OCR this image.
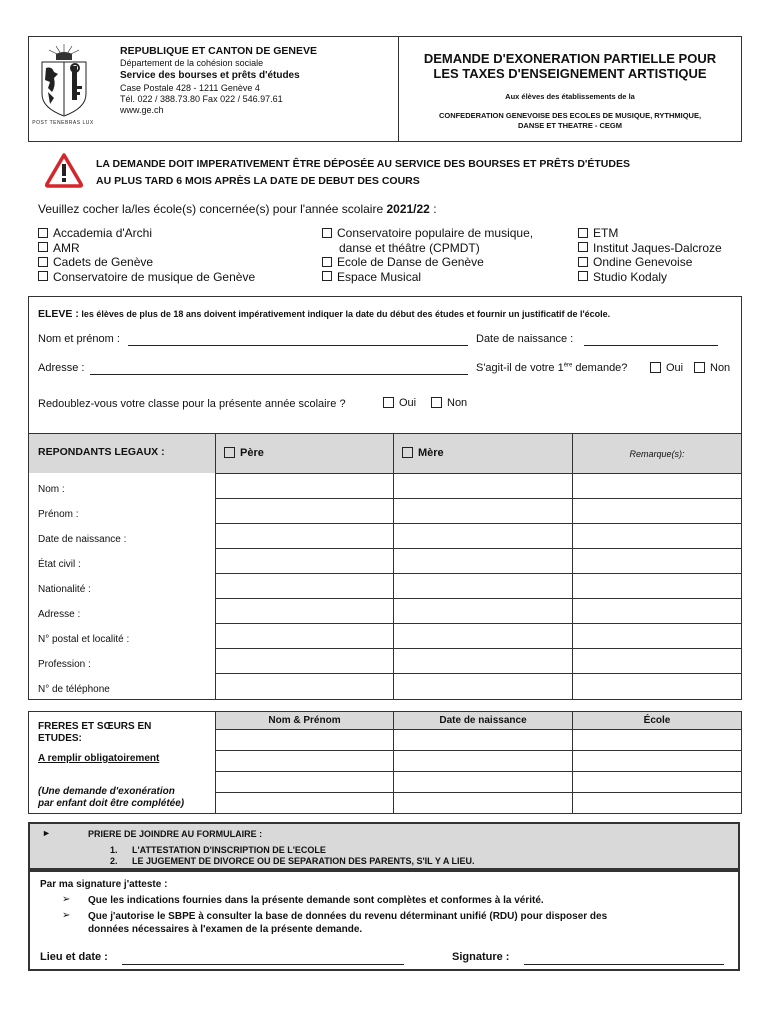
POST TENEBRAS LUX
REPUBLIQUE ET CANTON DE GENEVE
Département de la cohésion sociale
Service des bourses et prêts d'études
Case Postale 428 - 1211 Genève 4
Tél. 022 / 388.73.80 Fax 022 / 546.97.61
www.ge.ch
DEMANDE D'EXONERATION PARTIELLE POUR
LES TAXES D'ENSEIGNEMENT ARTISTIQUE
Aux élèves des établissements de la
CONFEDERATION GENEVOISE DES ECOLES DE MUSIQUE, RYTHMIQUE,
DANSE ET THEATRE - CEGM
LA DEMANDE DOIT IMPERATIVEMENT ÊTRE DÉPOSÉE AU SERVICE DES BOURSES ET PRÊTS D'ÉTUDES
AU PLUS TARD 6 MOIS APRÈS LA DATE DE DEBUT DES COURS
Veuillez cocher la/les école(s) concernée(s) pour l'année scolaire 2021/22 :
Accademia d'Archi
AMR
Cadets de Genève
Conservatoire de musique de Genève
Conservatoire populaire de musique,
danse et théâtre (CPMDT)
Ecole de Danse de Genève
Espace Musical
ETM
Institut Jaques-Dalcroze
Ondine Genevoise
Studio Kodaly
ELEVE : les élèves de plus de 18 ans doivent impérativement indiquer la date du début des études et fournir un justificatif de l'école.
Nom et prénom :	Date de naissance :
Adresse :	S'agit-il de votre 1ère demande?	Oui	Non
Redoublez-vous votre classe pour la présente année scolaire ?	Oui	Non
REPONDANTS LEGAUX :	Père	Mère	Remarque(s):
Nom :
Prénom :
Date de naissance :
État civil :
Nationalité :
Adresse :
N° postal et localité :
Profession :
N° de téléphone
Nom & Prénom	Date de naissance	École
FRERES ET SŒURS EN
ETUDES:
A remplir obligatoirement
(Une demande d'exonération
par enfant doit être complétée)
►	PRIERE DE JOINDRE AU FORMULAIRE :
1. L'ATTESTATION D'INSCRIPTION DE L'ECOLE
2. LE JUGEMENT DE DIVORCE OU DE SEPARATION DES PARENTS, S'IL Y A LIEU.
Par ma signature j'atteste :
➢ Que les indications fournies dans la présente demande sont complètes et conformes à la vérité.
➢ Que j'autorise le SBPE à consulter la base de données du revenu déterminant unifié (RDU) pour disposer des
données nécessaires à l'examen de la présente demande.
Lieu et date :	Signature :
